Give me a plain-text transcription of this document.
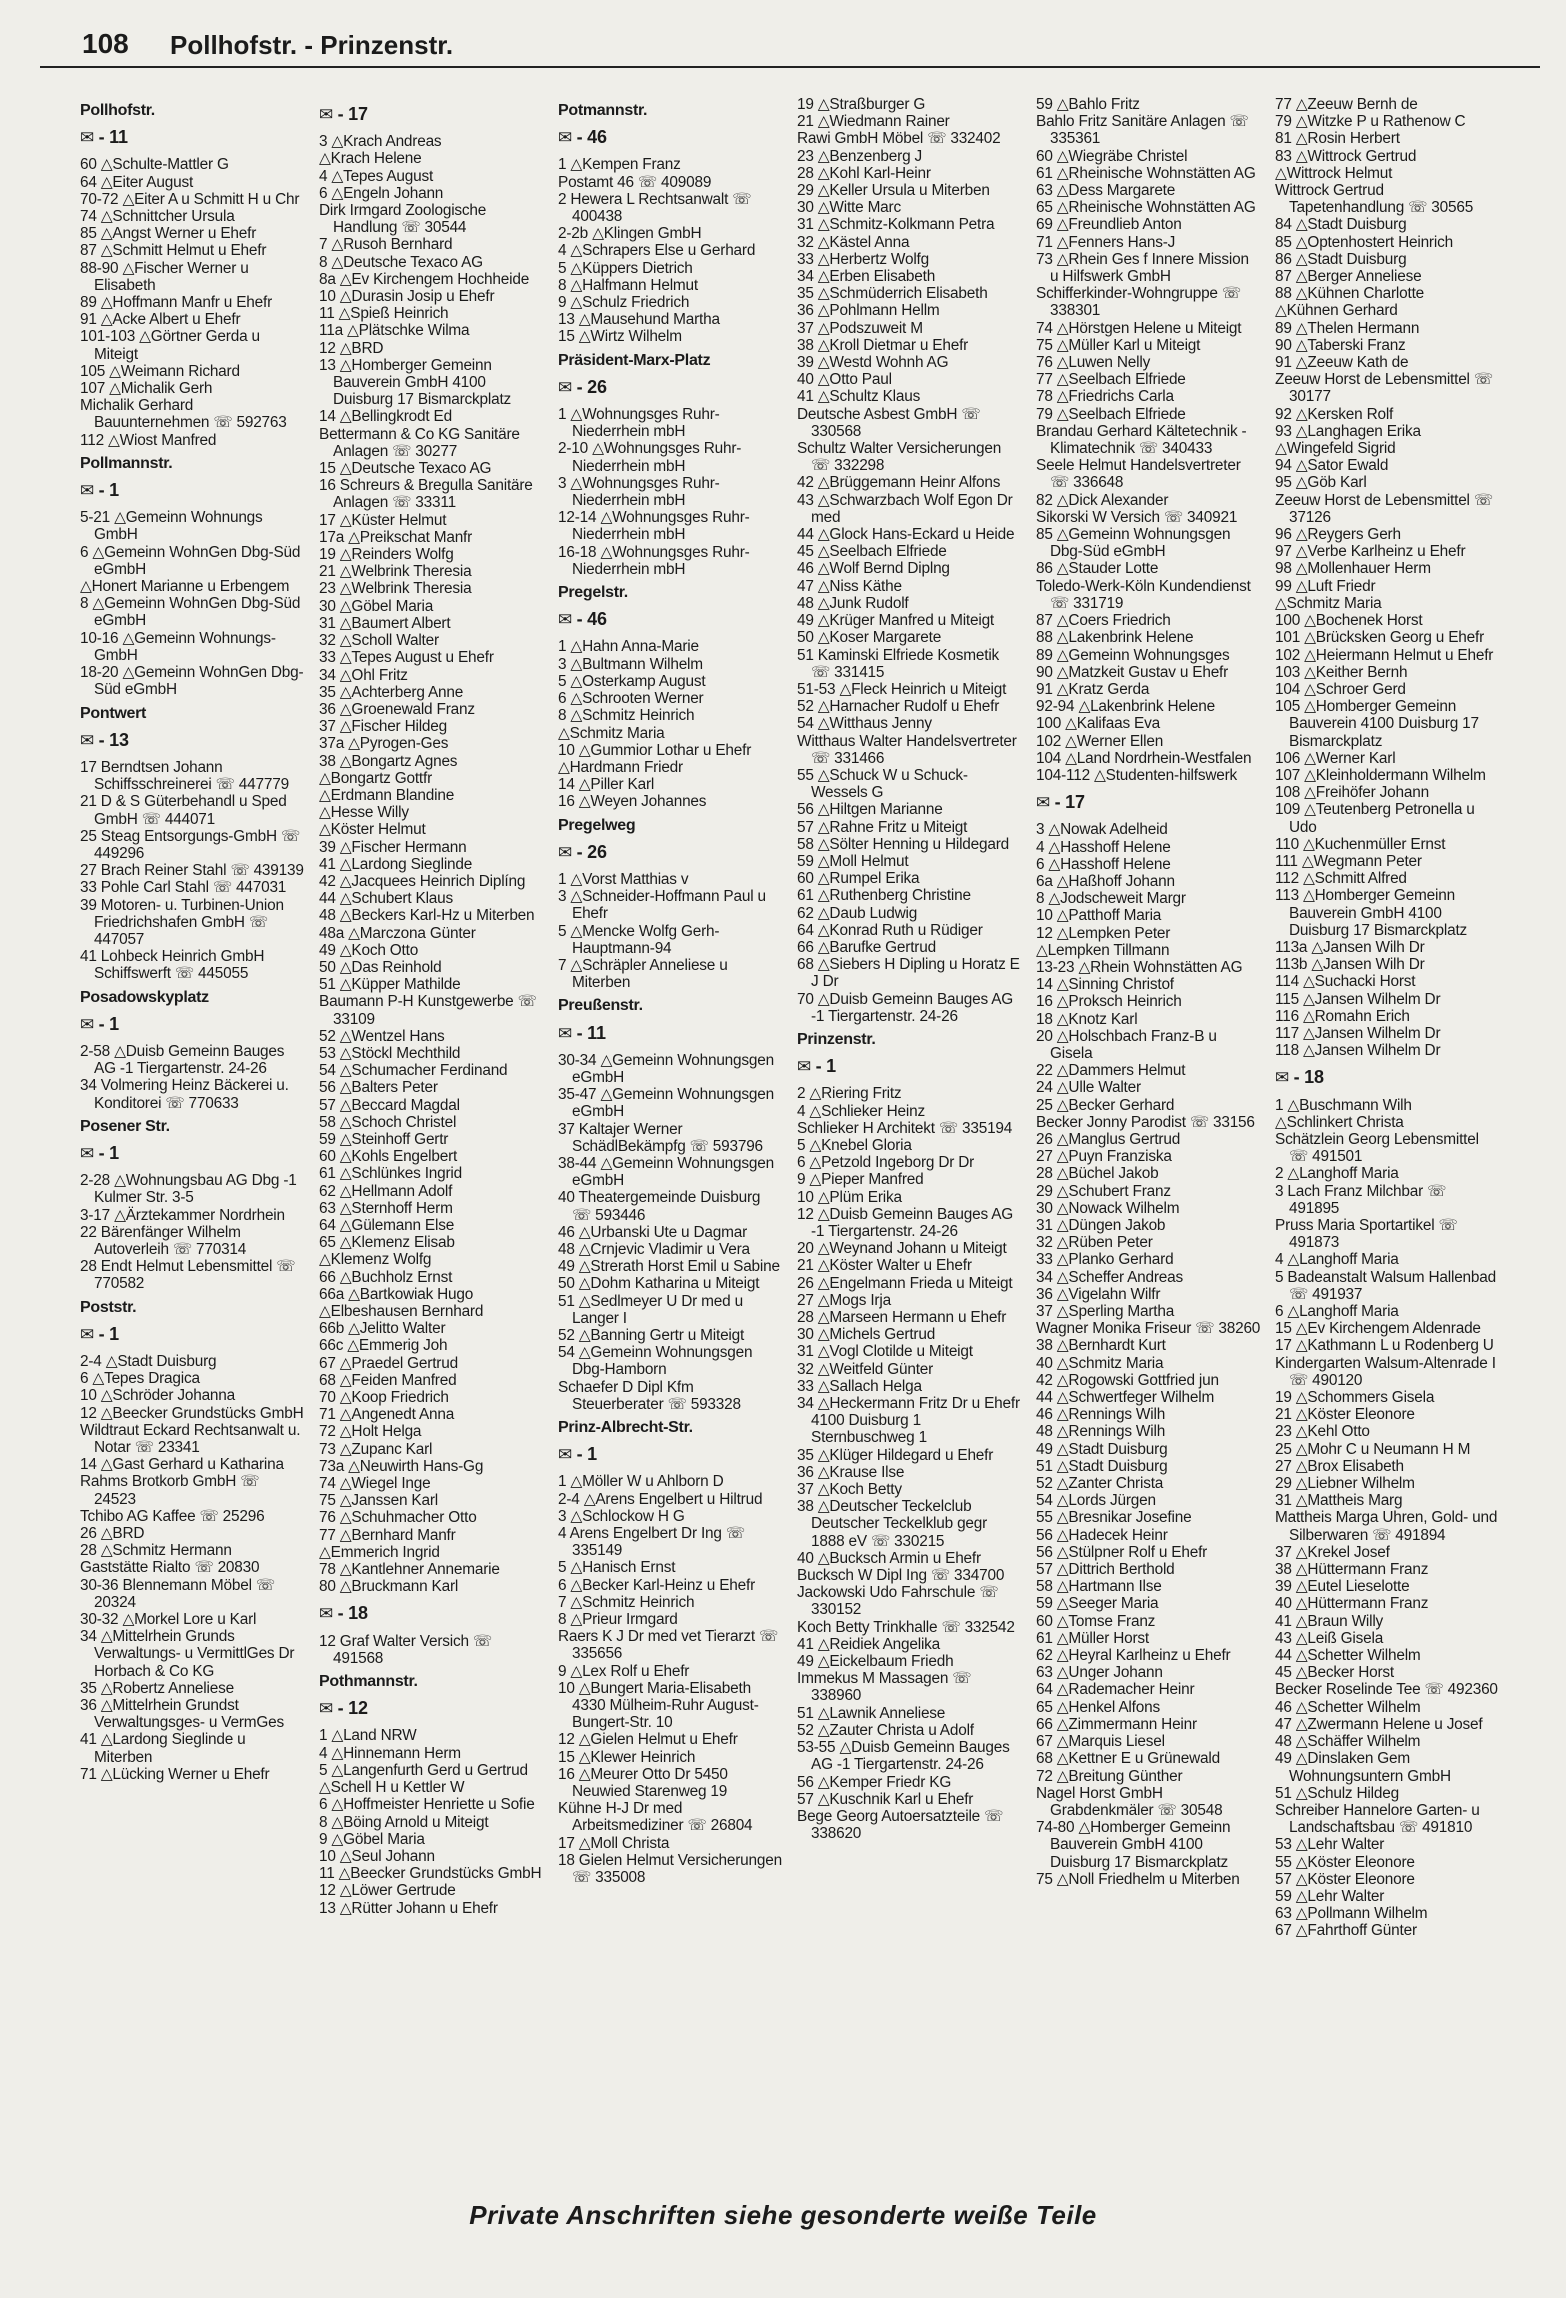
108 Pollhofstr. - Prinzenstr.
Pollhofstr.
✉ - 11
60 △Schulte-Mattler G
64 △Eiter August
70-72 △Eiter A u Schmitt H u Chr
74 △Schnittcher Ursula
85 △Angst Werner u Ehefr
87 △Schmitt Helmut u Ehefr
88-90 △Fischer Werner u Elisabeth
89 △Hoffmann Manfr u Ehefr
91 △Acke Albert u Ehefr
101-103 △Görtner Gerda u Miteigt
105 △Weimann Richard
107 △Michalik Gerh
Michalik Gerhard Bauunternehmen ☏ 592763
112 △Wiost Manfred
Pollmannstr.
✉ - 1
5-21 △Gemeinn Wohnungs GmbH
6 △Gemeinn WohnGen Dbg-Süd eGmbH
△Honert Marianne u Erbengem
8 △Gemeinn WohnGen Dbg-Süd eGmbH
10-16 △Gemeinn Wohnungs-GmbH
18-20 △Gemeinn WohnGen Dbg-Süd eGmbH
Pontwert
✉ - 13
17 Berndtsen Johann Schiffsschreinerei ☏ 447779
21 D & S Güterbehandl u Sped GmbH ☏ 444071
25 Steag Entsorgungs-GmbH ☏ 449296
27 Brach Reiner Stahl ☏ 439139
33 Pohle Carl Stahl ☏ 447031
39 Motoren- u. Turbinen-Union Friedrichshafen GmbH ☏ 447057
41 Lohbeck Heinrich GmbH Schiffswerft ☏ 445055
Posadowskyplatz
✉ - 1
2-58 △Duisb Gemeinn Bauges AG -1 Tiergartenstr. 24-26
34 Volmering Heinz Bäckerei u. Konditorei ☏ 770633
Posener Str.
✉ - 1
2-28 △Wohnungsbau AG Dbg -1 Kulmer Str. 3-5
3-17 △Ärztekammer Nordrhein
22 Bärenfänger Wilhelm Autoverleih ☏ 770314
28 Endt Helmut Lebensmittel ☏ 770582
Poststr.
✉ - 1
2-4 △Stadt Duisburg
6 △Tepes Dragica
10 △Schröder Johanna
12 △Beecker Grundstücks GmbH
Wildtraut Eckard Rechtsanwalt u. Notar ☏ 23341
14 △Gast Gerhard u Katharina
Rahms Brotkorb GmbH ☏ 24523
Tchibo AG Kaffee ☏ 25296
26 △BRD
28 △Schmitz Hermann
Gaststätte Rialto ☏ 20830
30-36 Blennemann Möbel ☏ 20324
30-32 △Morkel Lore u Karl
34 △Mittelrhein Grunds Verwaltungs- u VermittlGes Dr Horbach & Co KG
35 △Robertz Anneliese
36 △Mittelrhein Grundst Verwaltungsges- u VermGes
41 △Lardong Sieglinde u Miterben
71 △Lücking Werner u Ehefr
✉ - 17
3 △Krach Andreas
△Krach Helene
4 △Tepes August
6 △Engeln Johann
Dirk Irmgard Zoologische Handlung ☏ 30544
7 △Rusoh Bernhard
8 △Deutsche Texaco AG
8a △Ev Kirchengem Hochheide
10 △Durasin Josip u Ehefr
11 △Spieß Heinrich
11a △Plätschke Wilma
12 △BRD
13 △Homberger Gemeinn Bauverein GmbH 4100 Duisburg 17 Bismarckplatz
14 △Bellingkrodt Ed
Bettermann & Co KG Sanitäre Anlagen ☏ 30277
15 △Deutsche Texaco AG
16 Schreurs & Bregulla Sanitäre Anlagen ☏ 33311
17 △Küster Helmut
17a △Preikschat Manfr
19 △Reinders Wolfg
21 △Welbrink Theresia
23 △Welbrink Theresia
30 △Göbel Maria
31 △Baumert Albert
32 △Scholl Walter
33 △Tepes August u Ehefr
34 △Ohl Fritz
35 △Achterberg Anne
36 △Groenewald Franz
37 △Fischer Hildeg
37a △Pyrogen-Ges
38 △Bongartz Agnes
△Bongartz Gottfr
△Erdmann Blandine
△Hesse Willy
△Köster Helmut
39 △Fischer Hermann
41 △Lardong Sieglinde
42 △Jacquees Heinrich Diplíng
44 △Schubert Klaus
48 △Beckers Karl-Hz u Miterben
48a △Marczona Günter
49 △Koch Otto
50 △Das Reinhold
51 △Küpper Mathilde
Baumann P-H Kunstgewerbe ☏ 33109
52 △Wentzel Hans
53 △Stöckl Mechthild
54 △Schumacher Ferdinand
56 △Balters Peter
57 △Beccard Magdal
58 △Schoch Christel
59 △Steinhoff Gertr
60 △Kohls Engelbert
61 △Schlünkes Ingrid
62 △Hellmann Adolf
63 △Sternhoff Herm
64 △Gülemann Else
65 △Klemenz Elisab
△Klemenz Wolfg
66 △Buchholz Ernst
66a △Bartkowiak Hugo
△Elbeshausen Bernhard
66b △Jelitto Walter
66c △Emmerig Joh
67 △Praedel Gertrud
68 △Feiden Manfred
70 △Koop Friedrich
71 △Angenedt Anna
72 △Holt Helga
73 △Zupanc Karl
73a △Neuwirth Hans-Gg
74 △Wiegel Inge
75 △Janssen Karl
76 △Schuhmacher Otto
77 △Bernhard Manfr
△Emmerich Ingrid
78 △Kantlehner Annemarie
80 △Bruckmann Karl
✉ - 18
12 Graf Walter Versich ☏ 491568
Pothmannstr.
✉ - 12
1 △Land NRW
4 △Hinnemann Herm
5 △Langenfurth Gerd u Gertrud
△Schell H u Kettler W
6 △Hoffmeister Henriette u Sofie
8 △Böing Arnold u Miteigt
9 △Göbel Maria
10 △Seul Johann
11 △Beecker Grundstücks GmbH
12 △Löwer Gertrude
13 △Rütter Johann u Ehefr
Potmannstr.
✉ - 46
1 △Kempen Franz
Postamt 46 ☏ 409089
2 Hewera L Rechtsanwalt ☏ 400438
2-2b △Klingen GmbH
4 △Schrapers Else u Gerhard
5 △Küppers Dietrich
8 △Halfmann Helmut
9 △Schulz Friedrich
13 △Mausehund Martha
15 △Wirtz Wilhelm
Präsident-Marx-Platz
✉ - 26
1 △Wohnungsges Ruhr-Niederrhein mbH
2-10 △Wohnungsges Ruhr-Niederrhein mbH
3 △Wohnungsges Ruhr-Niederrhein mbH
12-14 △Wohnungsges Ruhr-Niederrhein mbH
16-18 △Wohnungsges Ruhr-Niederrhein mbH
Pregelstr.
✉ - 46
1 △Hahn Anna-Marie
3 △Bultmann Wilhelm
5 △Osterkamp August
6 △Schrooten Werner
8 △Schmitz Heinrich
△Schmitz Maria
10 △Gummior Lothar u Ehefr
△Hardmann Friedr
14 △Piller Karl
16 △Weyen Johannes
Pregelweg
✉ - 26
1 △Vorst Matthias v
3 △Schneider-Hoffmann Paul u Ehefr
5 △Mencke Wolfg Gerh-Hauptmann-94
7 △Schräpler Anneliese u Miterben
Preußenstr.
✉ - 11
30-34 △Gemeinn Wohnungsgen eGmbH
35-47 △Gemeinn Wohnungsgen eGmbH
37 Kaltajer Werner SchädlBekämpfg ☏ 593796
38-44 △Gemeinn Wohnungsgen eGmbH
40 Theatergemeinde Duisburg ☏ 593446
46 △Urbanski Ute u Dagmar
48 △Crnjevic Vladimir u Vera
49 △Strerath Horst Emil u Sabine
50 △Dohm Katharina u Miteigt
51 △Sedlmeyer U Dr med u Langer I
52 △Banning Gertr u Miteigt
54 △Gemeinn Wohnungsgen Dbg-Hamborn
Schaefer D Dipl Kfm Steuerberater ☏ 593328
Prinz-Albrecht-Str.
✉ - 1
1 △Möller W u Ahlborn D
2-4 △Arens Engelbert u Hiltrud
3 △Schlockow H G
4 Arens Engelbert Dr Ing ☏ 335149
5 △Hanisch Ernst
6 △Becker Karl-Heinz u Ehefr
7 △Schmitz Heinrich
8 △Prieur Irmgard
Raers K J Dr med vet Tierarzt ☏ 335656
9 △Lex Rolf u Ehefr
10 △Bungert Maria-Elisabeth 4330 Mülheim-Ruhr August-Bungert-Str. 10
12 △Gielen Helmut u Ehefr
15 △Klewer Heinrich
16 △Meurer Otto Dr 5450 Neuwied Starenweg 19
Kühne H-J Dr med Arbeitsmediziner ☏ 26804
17 △Moll Christa
18 Gielen Helmut Versicherungen ☏ 335008
19 △Straßburger G
21 △Wiedmann Rainer
Rawi GmbH Möbel ☏ 332402
23 △Benzenberg J
28 △Kohl Karl-Heinr
29 △Keller Ursula u Miterben
30 △Witte Marc
31 △Schmitz-Kolkmann Petra
32 △Kästel Anna
33 △Herbertz Wolfg
34 △Erben Elisabeth
35 △Schmüderrich Elisabeth
36 △Pohlmann Hellm
37 △Podszuweit M
38 △Kroll Dietmar u Ehefr
39 △Westd Wohnh AG
40 △Otto Paul
41 △Schultz Klaus
Deutsche Asbest GmbH ☏ 330568
Schultz Walter Versicherungen ☏ 332298
42 △Brüggemann Heinr Alfons
43 △Schwarzbach Wolf Egon Dr med
44 △Glock Hans-Eckard u Heide
45 △Seelbach Elfriede
46 △Wolf Bernd Diplng
47 △Niss Käthe
48 △Junk Rudolf
49 △Krüger Manfred u Miteigt
50 △Koser Margarete
51 Kaminski Elfriede Kosmetik ☏ 331415
51-53 △Fleck Heinrich u Miteigt
52 △Harnacher Rudolf u Ehefr
54 △Witthaus Jenny
Witthaus Walter Handelsvertreter ☏ 331466
55 △Schuck W u Schuck-Wessels G
56 △Hiltgen Marianne
57 △Rahne Fritz u Miteigt
58 △Sölter Henning u Hildegard
59 △Moll Helmut
60 △Rumpel Erika
61 △Ruthenberg Christine
62 △Daub Ludwig
64 △Konrad Ruth u Rüdiger
66 △Barufke Gertrud
68 △Siebers H Dipling u Horatz E J Dr
70 △Duisb Gemeinn Bauges AG -1 Tiergartenstr. 24-26
Prinzenstr.
✉ - 1
2 △Riering Fritz
4 △Schlieker Heinz
Schlieker H Architekt ☏ 335194
5 △Knebel Gloria
6 △Petzold Ingeborg Dr Dr
9 △Pieper Manfred
10 △Plüm Erika
12 △Duisb Gemeinn Bauges AG -1 Tiergartenstr. 24-26
20 △Weynand Johann u Miteigt
21 △Köster Walter u Ehefr
26 △Engelmann Frieda u Miteigt
27 △Mogs Irja
28 △Marseen Hermann u Ehefr
30 △Michels Gertrud
31 △Vogl Clotilde u Miteigt
32 △Weitfeld Günter
33 △Sallach Helga
34 △Heckermann Fritz Dr u Ehefr 4100 Duisburg 1 Sternbuschweg 1
35 △Klüger Hildegard u Ehefr
36 △Krause Ilse
37 △Koch Betty
38 △Deutscher Teckelclub Deutscher Teckelklub gegr 1888 eV ☏ 330215
40 △Bucksch Armin u Ehefr
Bucksch W Dipl Ing ☏ 334700
Jackowski Udo Fahrschule ☏ 330152
Koch Betty Trinkhalle ☏ 332542
41 △Reidiek Angelika
49 △Eickelbaum Friedh
Immekus M Massagen ☏ 338960
51 △Lawnik Anneliese
52 △Zauter Christa u Adolf
53-55 △Duisb Gemeinn Bauges AG -1 Tiergartenstr. 24-26
56 △Kemper Friedr KG
57 △Kuschnik Karl u Ehefr
Bege Georg Autoersatzteile ☏ 338620
59 △Bahlo Fritz
Bahlo Fritz Sanitäre Anlagen ☏ 335361
60 △Wiegräbe Christel
61 △Rheinische Wohnstätten AG
63 △Dess Margarete
65 △Rheinische Wohnstätten AG
69 △Freundlieb Anton
71 △Fenners Hans-J
73 △Rhein Ges f Innere Mission u Hilfswerk GmbH
Schifferkinder-Wohngruppe ☏ 338301
74 △Hörstgen Helene u Miteigt
75 △Müller Karl u Miteigt
76 △Luwen Nelly
77 △Seelbach Elfriede
78 △Friedrichs Carla
79 △Seelbach Elfriede
Brandau Gerhard Kältetechnik - Klimatechnik ☏ 340433
Seele Helmut Handelsvertreter ☏ 336648
82 △Dick Alexander
Sikorski W Versich ☏ 340921
85 △Gemeinn Wohnungsgen Dbg-Süd eGmbH
86 △Stauder Lotte
Toledo-Werk-Köln Kundendienst ☏ 331719
87 △Coers Friedrich
88 △Lakenbrink Helene
89 △Gemeinn Wohnungsges
90 △Matzkeit Gustav u Ehefr
91 △Kratz Gerda
92-94 △Lakenbrink Helene
100 △Kalifaas Eva
102 △Werner Ellen
104 △Land Nordrhein-Westfalen
104-112 △Studenten-hilfswerk
✉ - 17
3 △Nowak Adelheid
4 △Hasshoff Helene
6 △Hasshoff Helene
6a △Haßhoff Johann
8 △Jodscheweit Margr
10 △Patthoff Maria
12 △Lempken Peter
△Lempken Tillmann
13-23 △Rhein Wohnstätten AG
14 △Sinning Christof
16 △Proksch Heinrich
18 △Knotz Karl
20 △Holschbach Franz-B u Gisela
22 △Dammers Helmut
24 △Ulle Walter
25 △Becker Gerhard
Becker Jonny Parodist ☏ 33156
26 △Manglus Gertrud
27 △Puyn Franziska
28 △Büchel Jakob
29 △Schubert Franz
30 △Nowack Wilhelm
31 △Düngen Jakob
32 △Rüben Peter
33 △Planko Gerhard
34 △Scheffer Andreas
36 △Vigelahn Wilfr
37 △Sperling Martha
Wagner Monika Friseur ☏ 38260
38 △Bernhardt Kurt
40 △Schmitz Maria
42 △Rogowski Gottfried jun
44 △Schwertfeger Wilhelm
46 △Rennings Wilh
48 △Rennings Wilh
49 △Stadt Duisburg
51 △Stadt Duisburg
52 △Zanter Christa
54 △Lords Jürgen
55 △Bresnikar Josefine
56 △Hadecek Heinr
56 △Stülpner Rolf u Ehefr
57 △Dittrich Berthold
58 △Hartmann Ilse
59 △Seeger Maria
60 △Tomse Franz
61 △Müller Horst
62 △Heyral Karlheinz u Ehefr
63 △Unger Johann
64 △Rademacher Heinr
65 △Henkel Alfons
66 △Zimmermann Heinr
67 △Marquis Liesel
68 △Kettner E u Grünewald
72 △Breitung Günther
Nagel Horst GmbH Grabdenkmäler ☏ 30548
74-80 △Homberger Gemeinn Bauverein GmbH 4100 Duisburg 17 Bismarckplatz
75 △Noll Friedhelm u Miterben
77 △Zeeuw Bernh de
79 △Witzke P u Rathenow C
81 △Rosin Herbert
83 △Wittrock Gertrud
△Wittrock Helmut
Wittrock Gertrud Tapetenhandlung ☏ 30565
84 △Stadt Duisburg
85 △Optenhostert Heinrich
86 △Stadt Duisburg
87 △Berger Anneliese
88 △Kühnen Charlotte
△Kühnen Gerhard
89 △Thelen Hermann
90 △Taberski Franz
91 △Zeeuw Kath de
Zeeuw Horst de Lebensmittel ☏ 30177
92 △Kersken Rolf
93 △Langhagen Erika
△Wingefeld Sigrid
94 △Sator Ewald
95 △Göb Karl
Zeeuw Horst de Lebensmittel ☏ 37126
96 △Reygers Gerh
97 △Verbe Karlheinz u Ehefr
98 △Mollenhauer Herm
99 △Luft Friedr
△Schmitz Maria
100 △Bochenek Horst
101 △Brücksken Georg u Ehefr
102 △Heiermann Helmut u Ehefr
103 △Keither Bernh
104 △Schroer Gerd
105 △Homberger Gemeinn Bauverein 4100 Duisburg 17 Bismarckplatz
106 △Werner Karl
107 △Kleinholdermann Wilhelm
108 △Freihöfer Johann
109 △Teutenberg Petronella u Udo
110 △Kuchenmüller Ernst
111 △Wegmann Peter
112 △Schmitt Alfred
113 △Homberger Gemeinn Bauverein GmbH 4100 Duisburg 17 Bismarckplatz
113a △Jansen Wilh Dr
113b △Jansen Wilh Dr
114 △Suchacki Horst
115 △Jansen Wilhelm Dr
116 △Romahn Erich
117 △Jansen Wilhelm Dr
118 △Jansen Wilhelm Dr
✉ - 18
1 △Buschmann Wilh
△Schlinkert Christa
Schätzlein Georg Lebensmittel ☏ 491501
2 △Langhoff Maria
3 Lach Franz Milchbar ☏ 491895
Pruss Maria Sportartikel ☏ 491873
4 △Langhoff Maria
5 Badeanstalt Walsum Hallenbad ☏ 491937
6 △Langhoff Maria
15 △Ev Kirchengem Aldenrade
17 △Kathmann L u Rodenberg U
Kindergarten Walsum-Altenrade I ☏ 490120
19 △Schommers Gisela
21 △Köster Eleonore
23 △Kehl Otto
25 △Mohr C u Neumann H M
27 △Brox Elisabeth
29 △Liebner Wilhelm
31 △Mattheis Marg
Mattheis Marga Uhren, Gold- und Silberwaren ☏ 491894
37 △Krekel Josef
38 △Hüttermann Franz
39 △Eutel Lieselotte
40 △Hüttermann Franz
41 △Braun Willy
43 △Leiß Gisela
44 △Schetter Wilhelm
45 △Becker Horst
Becker Roselinde Tee ☏ 492360
46 △Schetter Wilhelm
47 △Zwermann Helene u Josef
48 △Schäffer Wilhelm
49 △Dinslaken Gem Wohnungsuntern GmbH
51 △Schulz Hildeg
Schreiber Hannelore Garten- u Landschaftsbau ☏ 491810
53 △Lehr Walter
55 △Köster Eleonore
57 △Köster Eleonore
59 △Lehr Walter
63 △Pollmann Wilhelm
67 △Fahrthoff Günter
Private Anschriften siehe gesonderte weiße Teile
